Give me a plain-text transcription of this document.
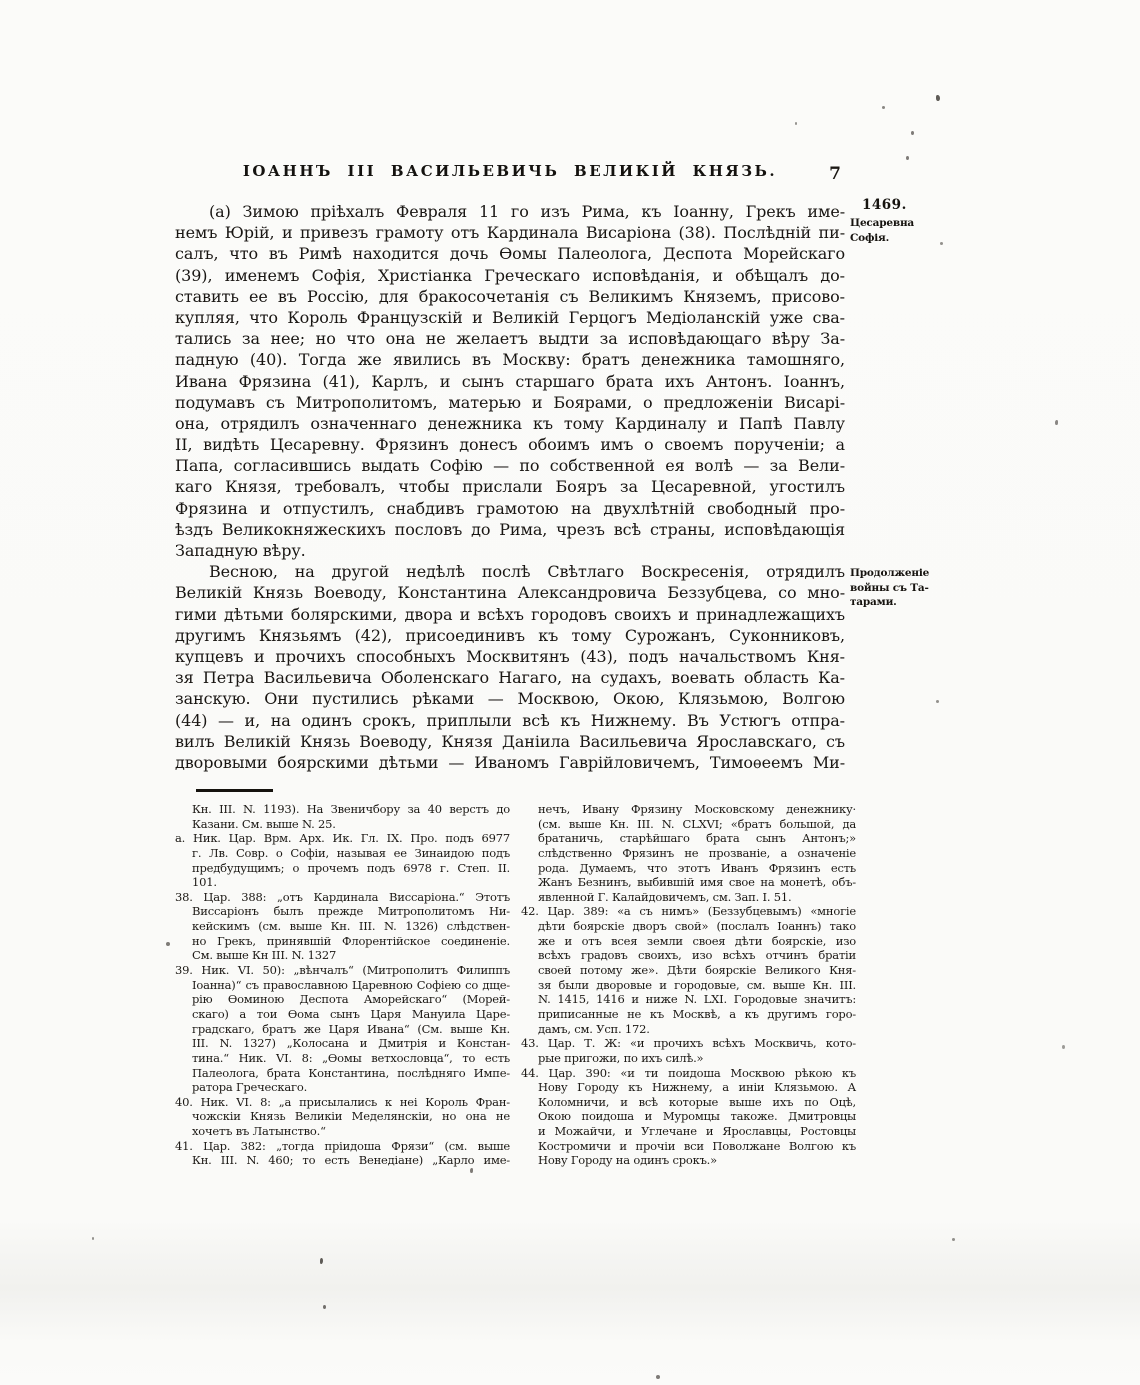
ІОАННЪ III ВАСИЛЬЕВИЧЬ ВЕЛИКІЙ КНЯЗЬ.	7
(а) Зимою пріѣхалъ Февраля 11 го изъ Рима, къ Іоанну, Грекъ име-
немъ Юрій, и привезъ грамоту отъ Кардинала Висаріона (38). Послѣдній пи-
салъ, что въ Римѣ находится дочь Ѳомы Палеолога, Деспота Морейскаго
(39), именемъ Софія, Христіанка Греческаго исповѣданія, и обѣщалъ до-
ставить ее въ Россію, для бракосочетанія съ Великимъ Княземъ, присово-
купляя, что Король Французскій и Великій Герцогъ Медіоланскій уже сва-
тались за нее; но что она не желаетъ выдти за исповѣдающаго вѣру За-
падную (40). Тогда же явились въ Москву: братъ денежника тамошняго,
Ивана Фрязина (41), Карлъ, и сынъ старшаго брата ихъ Антонъ. Іоаннъ,
подумавъ съ Митрополитомъ, матерью и Боярами, о предложеніи Висарі-
она, отрядилъ означеннаго денежника къ тому Кардиналу и Папѣ Павлу
II, видѣть Цесаревну. Фрязинъ донесъ обоимъ имъ о своемъ порученіи; а
Папа, согласившись выдать Софію — по собственной ея волѣ — за Вели-
каго Князя, требовалъ, чтобы прислали Бояръ за Цесаревной, угостилъ
Фрязина и отпустилъ, снабдивъ грамотою на двухлѣтній свободный про-
ѣздъ Великокняжескихъ пословъ до Рима, чрезъ всѣ страны, исповѣдающія
Западную вѣру.
Весною, на другой недѣлѣ послѣ Свѣтлаго Воскресенія, отрядилъ
Великій Князь Воеводу, Константина Александровича Беззубцева, со мно-
гими дѣтьми болярскими, двора и всѣхъ городовъ своихъ и принадлежащихъ
другимъ Князьямъ (42), присоединивъ къ тому Сурожанъ, Суконниковъ,
купцевъ и прочихъ способныхъ Москвитянъ (43), подъ начальствомъ Кня-
зя Петра Васильевича Оболенскаго Нагаго, на судахъ, воевать область Ка-
занскую. Они пустились рѣками — Москвою, Окою, Клязьмою, Волгою
(44) — и, на одинъ срокъ, приплыли всѣ къ Нижнему. Въ Устюгъ отпра-
вилъ Великій Князь Воеводу, Князя Даніила Васильевича Ярославскаго, съ
дворовыми боярскими дѣтьми — Иваномъ Гаврійловичемъ, Тимоѳеемъ Ми-
1469.
Цесаревна
Софія.
Продолженіе
войны съ Та-
тарами.
Кн. III. N. 1193). На Звеничбору за 40 верстъ до
Казани. См. выше N. 25.
а. Ник. Цар. Врм. Арх. Ик. Гл. IX. Про. подъ 6977
г. Лв. Совр. о Софіи, называя ее Зинаидою подъ
предбудущимъ; о прочемъ подъ 6978 г. Степ. II.
101.
38. Цар. 388: „отъ Кардинала Виссаріона.“ Этотъ
Виссаріонъ былъ прежде Митрополитомъ Ни-
кейскимъ (см. выше Кн. III. N. 1326) слѣдствен-
но Грекъ, принявшій Флорентійское соединеніе.
См. выше Кн III. N. 1327
39. Ник. VI. 50): „вѣнчалъ“ (Митрополитъ Филиппъ
Іоанна)“ съ православною Царевною Софіею со дще-
рію Ѳоминою Деспота Аморейскаго“ (Морей-
скаго) а тои Ѳома сынъ Царя Мануила Царе-
градскаго, братъ же Царя Ивана“ (См. выше Кн.
III. N. 1327) „Колосана и Дмитрія и Констан-
тина.“ Ник. VI. 8: „Ѳомы ветхословца“, то есть
Палеолога, брата Константина, послѣдняго Импе-
ратора Греческаго.
40. Ник. VI. 8: „а присылались к неі Король Фран-
чожскіи Князь Великіи Меделянскіи, но она не
хочетъ въ Латынство.“
41. Цар. 382: „тогда пріидоша Фрязи“ (см. выше
Кн. III. N. 460; то есть Венедіане) „Карло име-
нечъ, Ивану Фрязину Московскому денежнику·
(см. выше Кн. III. N. CLXVI; «братъ большой, да
братаничь, старѣйшаго брата сынъ Антонъ;»
слѣдственно Фрязинъ не прозваніе, а означеніе
рода. Думаемъ, что этотъ Иванъ Фрязинъ есть
Жанъ Безнинъ, выбившій имя свое на монетѣ, объ-
явленной Г. Калайдовичемъ, см. Зап. I. 51.
42. Цар. 389: «а съ нимъ» (Беззубцевымъ) «многіе
дѣти боярскіе дворъ свой» (послалъ Іоаннъ) тако
же и отъ всея земли своея дѣти боярскіе, изо
всѣхъ градовъ своихъ, изо всѣхъ отчинъ братіи
своей потому же». Дѣти боярскіе Великого Кня-
зя были дворовые и городовые, см. выше Кн. III.
N. 1415, 1416 и ниже N. LXI. Городовые значитъ:
приписанные не къ Москвѣ, а къ другимъ горо-
дамъ, см. Усп. 172.
43. Цар. Т. Ж: «и прочихъ всѣхъ Москвичь, кото-
рые пригожи, по ихъ силѣ.»
44. Цар. 390: «и ти поидоша Москвою рѣкою къ
Нову Городу къ Нижнему, а иніи Клязьмою. А
Коломничи, и всѣ которые выше ихъ по Оцѣ,
Окою поидоша и Муромцы такоже. Дмитровцы
и Можайчи, и Углечане и Ярославцы, Ростовцы
Костромичи и прочіи вси Поволжане Волгою къ
Нову Городу на одинъ срокъ.»
